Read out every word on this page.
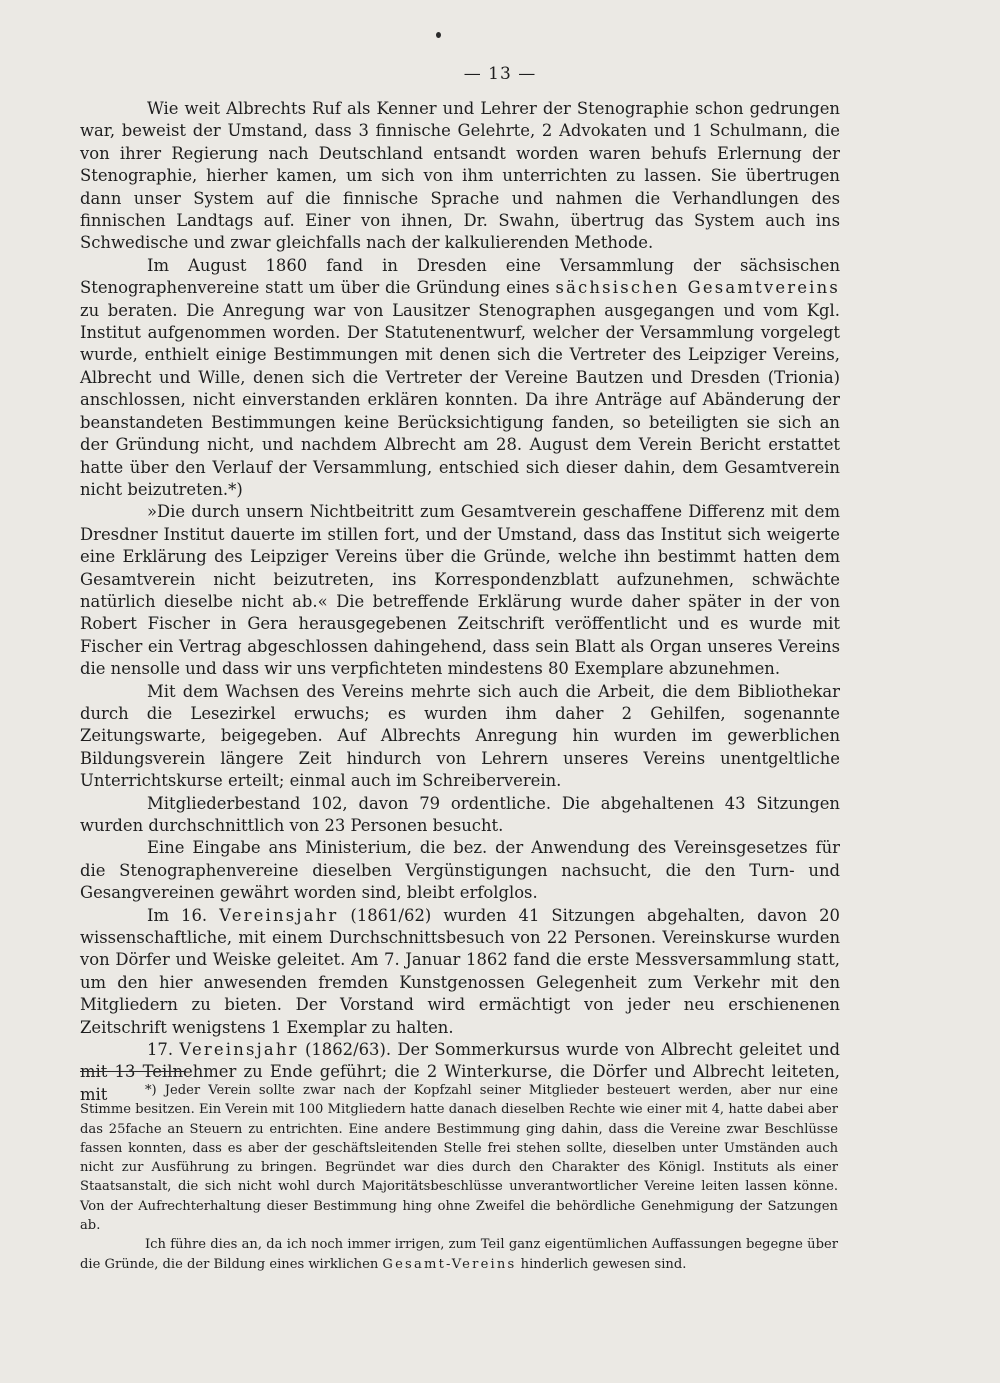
— 13 —

Wie weit Albrechts Ruf als Kenner und Lehrer der Stenographie schon gedrungen war, beweist der Umstand, dass 3 finnische Gelehrte, 2 Advokaten und 1 Schulmann, die von ihrer Regierung nach Deutschland entsandt worden waren behufs Erlernung der Stenographie, hierher kamen, um sich von ihm unterrichten zu lassen. Sie übertrugen dann unser System auf die finnische Sprache und nahmen die Verhandlungen des finnischen Landtags auf. Einer von ihnen, Dr. Swahn, übertrug das System auch ins Schwedische und zwar gleichfalls nach der kalkulierenden Methode.

Im August 1860 fand in Dresden eine Versammlung der sächsischen Stenographenvereine statt um über die Gründung eines sächsischen Gesamtvereins zu beraten. Die Anregung war von Lausitzer Stenographen ausgegangen und vom Kgl. Institut aufgenommen worden. Der Statutenentwurf, welcher der Versammlung vorgelegt wurde, enthielt einige Bestimmungen mit denen sich die Vertreter des Leipziger Vereins, Albrecht und Wille, denen sich die Vertreter der Vereine Bautzen und Dresden (Trionia) anschlossen, nicht einverstanden erklären konnten. Da ihre Anträge auf Abänderung der beanstandeten Bestimmungen keine Berücksichtigung fanden, so beteiligten sie sich an der Gründung nicht, und nachdem Albrecht am 28. August dem Verein Bericht erstattet hatte über den Verlauf der Versammlung, entschied sich dieser dahin, dem Gesamtverein nicht beizutreten.*)

»Die durch unsern Nichtbeitritt zum Gesamtverein geschaffene Differenz mit dem Dresdner Institut dauerte im stillen fort, und der Umstand, dass das Institut sich weigerte eine Erklärung des Leipziger Vereins über die Gründe, welche ihn bestimmt hatten dem Gesamtverein nicht beizutreten, ins Korrespondenzblatt aufzunehmen, schwächte natürlich dieselbe nicht ab.« Die betreffende Erklärung wurde daher später in der von Robert Fischer in Gera herausgegebenen Zeitschrift veröffentlicht und es wurde mit Fischer ein Vertrag abgeschlossen dahingehend, dass sein Blatt als Organ unseres Vereins die nensolle und dass wir uns verpfichteten mindestens 80 Exemplare abzunehmen.

Mit dem Wachsen des Vereins mehrte sich auch die Arbeit, die dem Bibliothekar durch die Lesezirkel erwuchs; es wurden ihm daher 2 Gehilfen, sogenannte Zeitungswarte, beigegeben. Auf Albrechts Anregung hin wurden im gewerblichen Bildungsverein längere Zeit hindurch von Lehrern unseres Vereins unentgeltliche Unterrichtskurse erteilt; einmal auch im Schreiberverein.

Mitgliederbestand 102, davon 79 ordentliche. Die abgehaltenen 43 Sitzungen wurden durchschnittlich von 23 Personen besucht.

Eine Eingabe ans Ministerium, die bez. der Anwendung des Vereinsgesetzes für die Stenographenvereine dieselben Vergünstigungen nachsucht, die den Turn- und Gesangvereinen gewährt worden sind, bleibt erfolglos.

Im 16. Vereinsjahr (1861/62) wurden 41 Sitzungen abgehalten, davon 20 wissenschaftliche, mit einem Durchschnittsbesuch von 22 Personen. Vereinskurse wurden von Dörfer und Weiske geleitet. Am 7. Januar 1862 fand die erste Messversammlung statt, um den hier anwesenden fremden Kunstgenossen Gelegenheit zum Verkehr mit den Mitgliedern zu bieten. Der Vorstand wird ermächtigt von jeder neu erschienenen Zeitschrift wenigstens 1 Exemplar zu halten.

17. Vereinsjahr (1862/63). Der Sommerkursus wurde von Albrecht geleitet und mit 13 Teilnehmer zu Ende geführt; die 2 Winterkurse, die Dörfer und Albrecht leiteten, mit	*) Jeder Verein sollte zwar nach der Kopfzahl seiner Mitglieder besteuert werden, aber nur eine Stimme besitzen. Ein Verein mit 100 Mitgliedern hatte danach dieselben Rechte wie einer mit 4, hatte dabei aber das 25fache an Steuern zu entrichten. Eine andere Bestimmung ging dahin, dass die Vereine zwar Beschlüsse fassen konnten, dass es aber der geschäftsleitenden Stelle frei stehen sollte, dieselben unter Umständen auch nicht zur Ausführung zu bringen. Begründet war dies durch den Charakter des Königl. Instituts als einer Staatsanstalt, die sich nicht wohl durch Majoritätsbeschlüsse unverantwortlicher Vereine leiten lassen könne. Von der Aufrechterhaltung dieser Bestimmung hing ohne Zweifel die behördliche Genehmigung der Satzungen ab.

Ich führe dies an, da ich noch immer irrigen, zum Teil ganz eigentümlichen Auffassungen begegne über die Gründe, die der Bildung eines wirklichen Gesamt-Vereins hinderlich gewesen sind.
